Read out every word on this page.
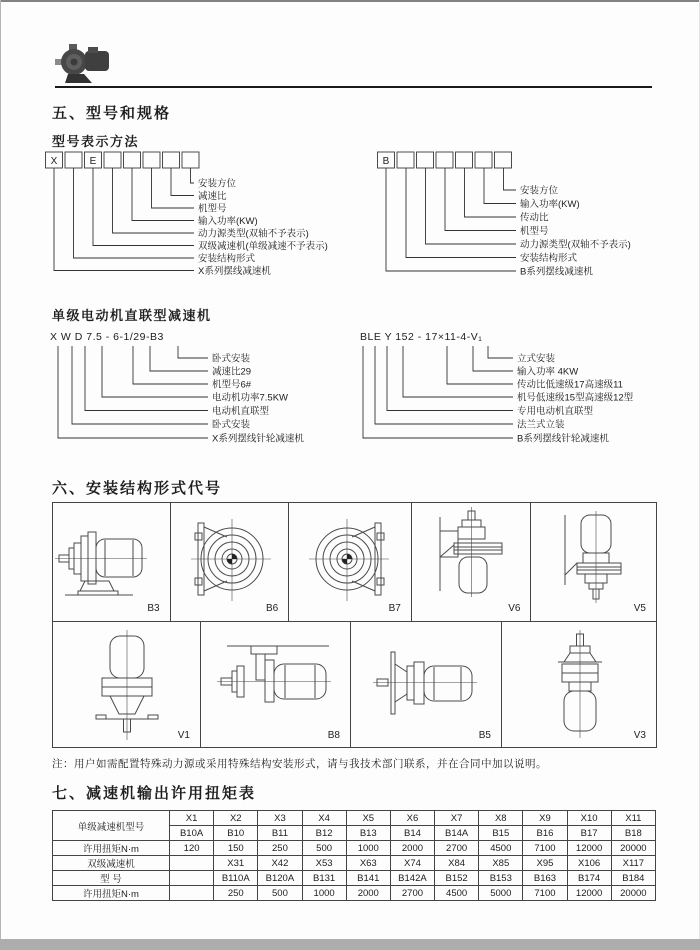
五、型号和规格
型号表示方法
X	E
安装方位
减速比
机型号
输入功率(KW)
动力源类型(双轴不予表示)
双级减速机(单级减速不予表示)
安装结构形式
X系列摆线减速机
B
安装方位
输入功率(KW)
传动比
机型号
动力源类型(双轴不予表示)
安装结构形式
B系列摆线减速机
单级电动机直联型减速机
X W D 7.5 - 6-1/29-B3
卧式安装
减速比29
机型号6#
电动机功率7.5KW
电动机直联型
卧式安装
X系列摆线针轮减速机
BLE Y 152 - 17×11-4-V₁
立式安装
输入功率 4KW
传动比低速级17高速级11
机号低速级15型高速级12型
专用电动机直联型
法兰式立装
B系列摆线针轮减速机
六、安装结构形式代号
B3	B6	B7	V6	V5
V1	B8	B5	V3
注：用户如需配置特殊动力源或采用特殊结构安装形式，请与我技术部门联系，并在合同中加以说明。
七、减速机输出许用扭矩表
单级减速机型号	X1	X2	X3	X4	X5	X6	X7	X8	X9	X10	X11
	B10A	B10	B11	B12	B13	B14	B14A	B15	B16	B17	B18
许用扭矩N·m	120	150	250	500	1000	2000	2700	4500	7100	12000	20000
双级减速机		X31	X42	X53	X63	X74	X84	X85	X95	X106	X117
型 号		B110A	B120A	B131	B141	B142A	B152	B153	B163	B174	B184
许用扭矩N·m		250	500	1000	2000	2700	4500	5000	7100	12000	20000
